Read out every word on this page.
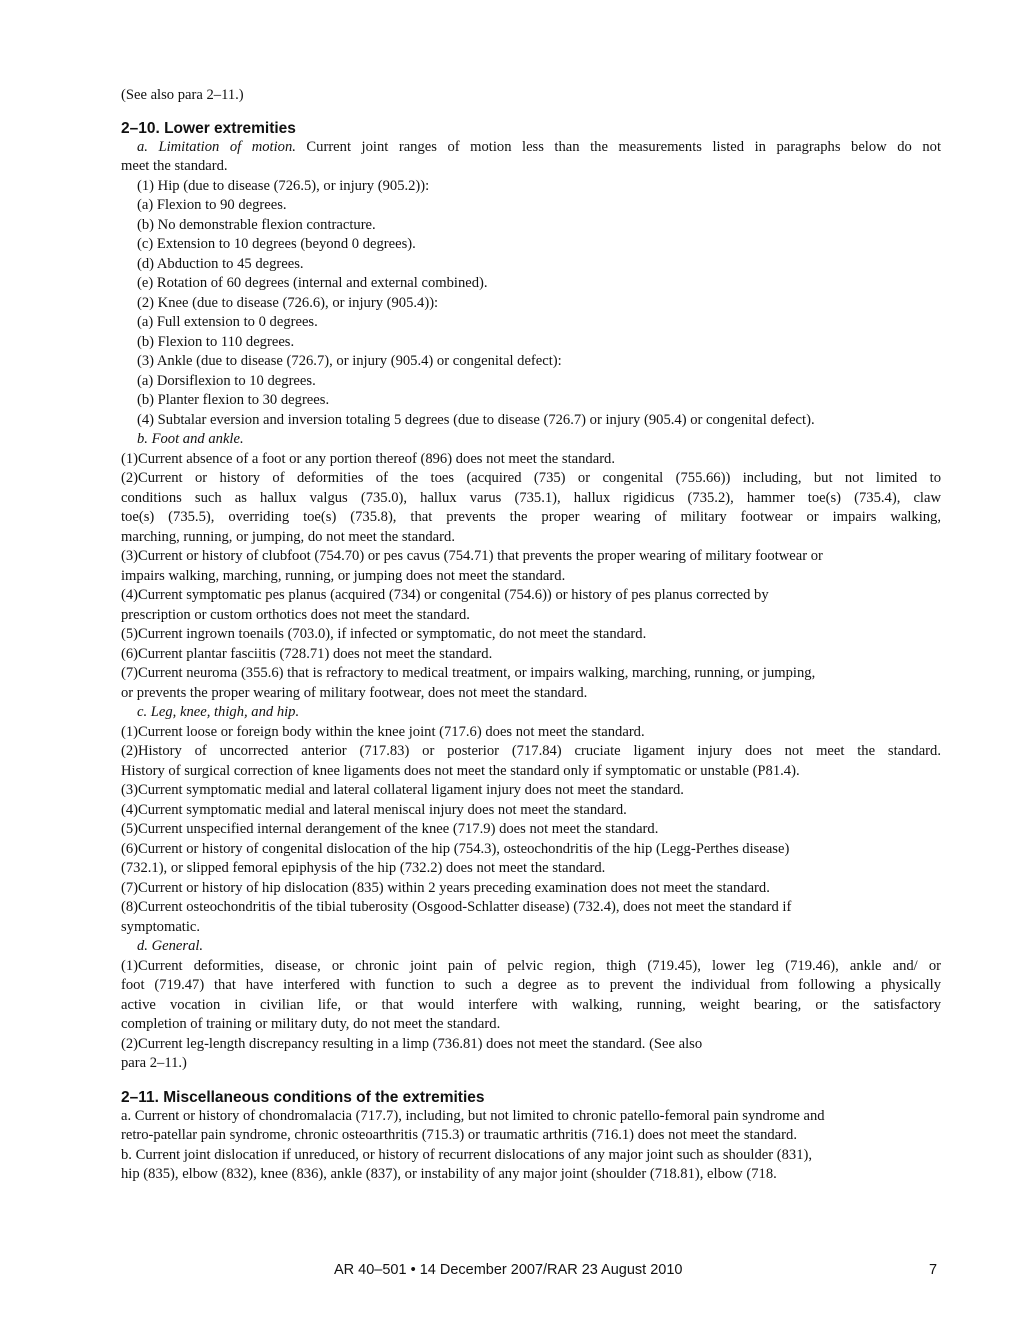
(See also para 2–11.)
2–10. Lower extremities
a. Limitation of motion. Current joint ranges of motion less than the measurements listed in paragraphs below do not
meet the standard.
(1) Hip (due to disease (726.5), or injury (905.2)):
(a) Flexion to 90 degrees.
(b) No demonstrable flexion contracture.
(c) Extension to 10 degrees (beyond 0 degrees).
(d) Abduction to 45 degrees.
(e) Rotation of 60 degrees (internal and external combined).
(2) Knee (due to disease (726.6), or injury (905.4)):
(a) Full extension to 0 degrees.
(b) Flexion to 110 degrees.
(3) Ankle (due to disease (726.7), or injury (905.4) or congenital defect):
(a) Dorsiflexion to 10 degrees.
(b) Planter flexion to 30 degrees.
(4) Subtalar eversion and inversion totaling 5 degrees (due to disease (726.7) or injury (905.4) or congenital defect).
b. Foot and ankle.
(1)Current absence of a foot or any portion thereof (896) does not meet the standard.
(2)Current or history of deformities of the toes (acquired (735) or congenital (755.66)) including, but not limited to
conditions such as hallux valgus (735.0), hallux varus (735.1), hallux rigidicus (735.2), hammer toe(s) (735.4), claw
toe(s) (735.5), overriding toe(s) (735.8), that prevents the proper wearing of military footwear or impairs walking,
marching, running, or jumping, do not meet the standard.
(3)Current or history of clubfoot (754.70) or pes cavus (754.71) that prevents the proper wearing of military footwear or
impairs walking, marching, running, or jumping does not meet the standard.
(4)Current symptomatic pes planus (acquired (734) or congenital (754.6)) or history of pes planus corrected by
prescription or custom orthotics does not meet the standard.
(5)Current ingrown toenails (703.0), if infected or symptomatic, do not meet the standard.
(6)Current plantar fasciitis (728.71) does not meet the standard.
(7)Current neuroma (355.6) that is refractory to medical treatment, or impairs walking, marching, running, or jumping,
or prevents the proper wearing of military footwear, does not meet the standard.
c. Leg, knee, thigh, and hip.
(1)Current loose or foreign body within the knee joint (717.6) does not meet the standard.
(2)History of uncorrected anterior (717.83) or posterior (717.84) cruciate ligament injury does not meet the standard.
History of surgical correction of knee ligaments does not meet the standard only if symptomatic or unstable (P81.4).
(3)Current symptomatic medial and lateral collateral ligament injury does not meet the standard.
(4)Current symptomatic medial and lateral meniscal injury does not meet the standard.
(5)Current unspecified internal derangement of the knee (717.9) does not meet the standard.
(6)Current or history of congenital dislocation of the hip (754.3), osteochondritis of the hip (Legg-Perthes disease)
(732.1), or slipped femoral epiphysis of the hip (732.2) does not meet the standard.
(7)Current or history of hip dislocation (835) within 2 years preceding examination does not meet the standard.
(8)Current osteochondritis of the tibial tuberosity (Osgood-Schlatter disease) (732.4), does not meet the standard if
symptomatic.
d. General.
(1)Current deformities, disease, or chronic joint pain of pelvic region, thigh (719.45), lower leg (719.46), ankle and/ or
foot (719.47) that have interfered with function to such a degree as to prevent the individual from following a physically
active vocation in civilian life, or that would interfere with walking, running, weight bearing, or the satisfactory
completion of training or military duty, do not meet the standard.
(2)Current leg-length discrepancy resulting in a limp (736.81) does not meet the standard. (See also
para 2–11.)
2–11. Miscellaneous conditions of the extremities
a. Current or history of chondromalacia (717.7), including, but not limited to chronic patello-femoral pain syndrome and
retro-patellar pain syndrome, chronic osteoarthritis (715.3) or traumatic arthritis (716.1) does not meet the standard.
b. Current joint dislocation if unreduced, or history of recurrent dislocations of any major joint such as shoulder (831),
hip (835), elbow (832), knee (836), ankle (837), or instability of any major joint (shoulder (718.81), elbow (718.
AR 40–501 • 14 December 2007/RAR 23 August 2010	7
